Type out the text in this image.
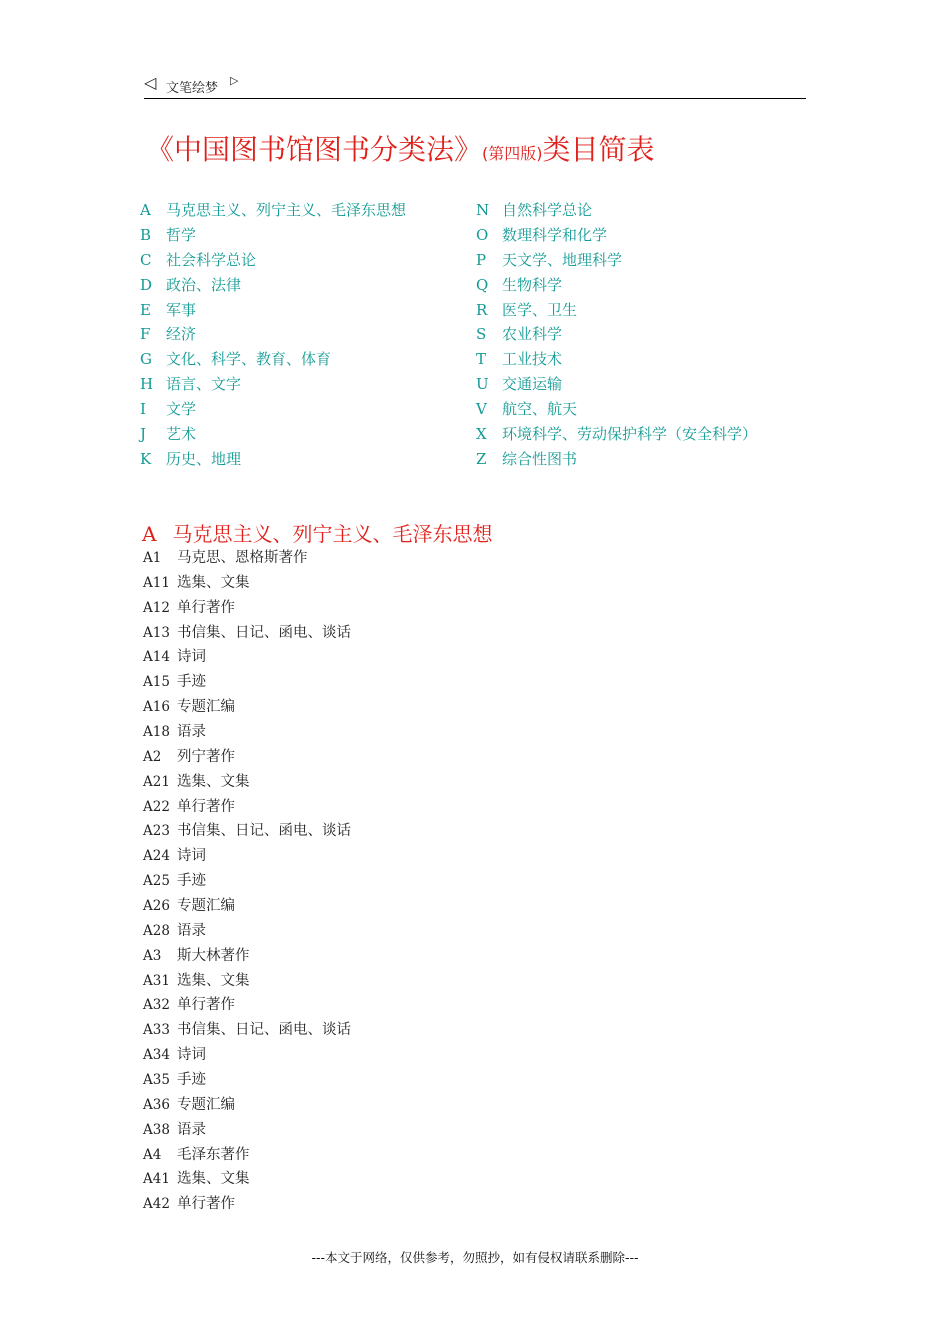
◁ 文笔绘梦
▷
《中国图书馆图书分类法》(第四版)类目简表
A 马克思主义、列宁主义、毛泽东思想
B 哲学
C 社会科学总论
D 政治、法律
E 军事
F 经济
G 文化、科学、教育、体育
H 语言、文字
I 文学
J 艺术
K 历史、地理
N 自然科学总论
O 数理科学和化学
P 天文学、地理科学
Q 生物科学
R 医学、卫生
S 农业科学
T 工业技术
U 交通运输
V 航空、航天
X 环境科学、劳动保护科学（安全科学）
Z 综合性图书
A 马克思主义、列宁主义、毛泽东思想
A1 马克思、恩格斯著作
A11 选集、文集
A12 单行著作
A13 书信集、日记、函电、谈话
A14 诗词
A15 手迹
A16 专题汇编
A18 语录
A2 列宁著作
A21 选集、文集
A22 单行著作
A23 书信集、日记、函电、谈话
A24 诗词
A25 手迹
A26 专题汇编
A28 语录
A3 斯大林著作
A31 选集、文集
A32 单行著作
A33 书信集、日记、函电、谈话
A34 诗词
A35 手迹
A36 专题汇编
A38 语录
A4 毛泽东著作
A41 选集、文集
A42 单行著作
---本文于网络，仅供参考，勿照抄，如有侵权请联系删除---
